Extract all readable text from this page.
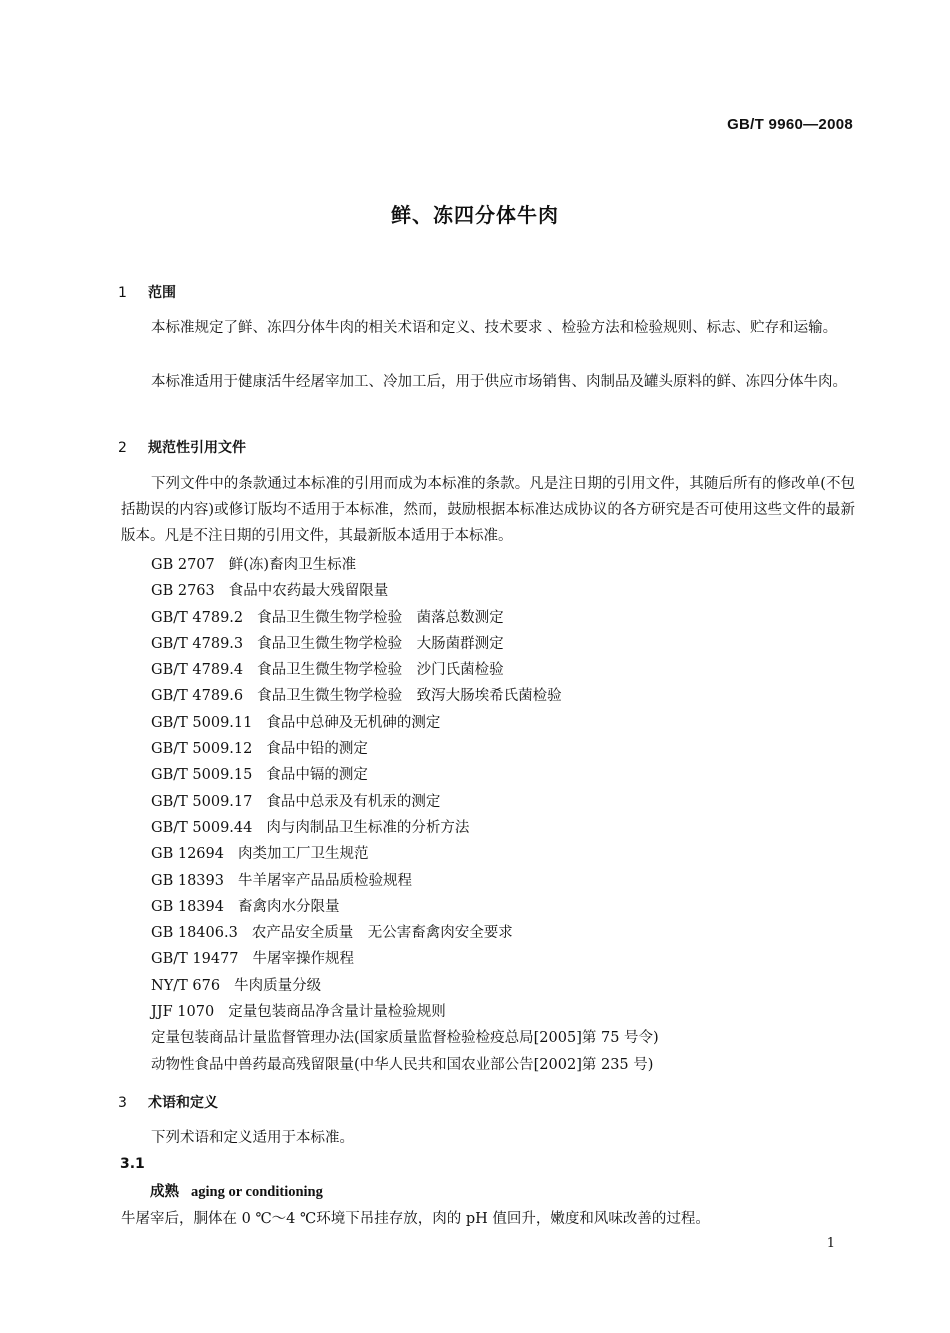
GB/T 9960—2008
鲜、冻四分体牛肉
1 范围
本标准规定了鲜、冻四分体牛肉的相关术语和定义、技术要求 、检验方法和检验规则、标志、贮存和运输。
本标准适用于健康活牛经屠宰加工、冷加工后，用于供应市场销售、肉制品及罐头原料的鲜、冻四分体牛肉。
2 规范性引用文件
下列文件中的条款通过本标准的引用而成为本标准的条款。凡是注日期的引用文件，其随后所有的修改单(不包括勘误的内容)或修订版均不适用于本标准，然而，鼓励根据本标准达成协议的各方研究是否可使用这些文件的最新版本。凡是不注日期的引用文件，其最新版本适用于本标准。
GB 2707 鲜(冻)畜肉卫生标准
GB 2763 食品中农药最大残留限量
GB/T 4789.2 食品卫生微生物学检验　菌落总数测定
GB/T 4789.3 食品卫生微生物学检验　大肠菌群测定
GB/T 4789.4 食品卫生微生物学检验　沙门氏菌检验
GB/T 4789.6 食品卫生微生物学检验　致泻大肠埃希氏菌检验
GB/T 5009.11 食品中总砷及无机砷的测定
GB/T 5009.12 食品中铅的测定
GB/T 5009.15 食品中镉的测定
GB/T 5009.17 食品中总汞及有机汞的测定
GB/T 5009.44 肉与肉制品卫生标准的分析方法
GB 12694 肉类加工厂卫生规范
GB 18393 牛羊屠宰产品品质检验规程
GB 18394 畜禽肉水分限量
GB 18406.3 农产品安全质量　无公害畜禽肉安全要求
GB/T 19477 牛屠宰操作规程
NY/T 676 牛肉质量分级
JJF 1070 定量包装商品净含量计量检验规则
定量包装商品计量监督管理办法(国家质量监督检验检疫总局[2005]第 75 号令)
动物性食品中兽药最高残留限量(中华人民共和国农业部公告[2002]第 235 号)
3 术语和定义
下列术语和定义适用于本标准。
3.1
成熟 aging or conditioning
牛屠宰后，胴体在 0 ℃～4 ℃环境下吊挂存放，肉的 pH 值回升，嫩度和风味改善的过程。
1
